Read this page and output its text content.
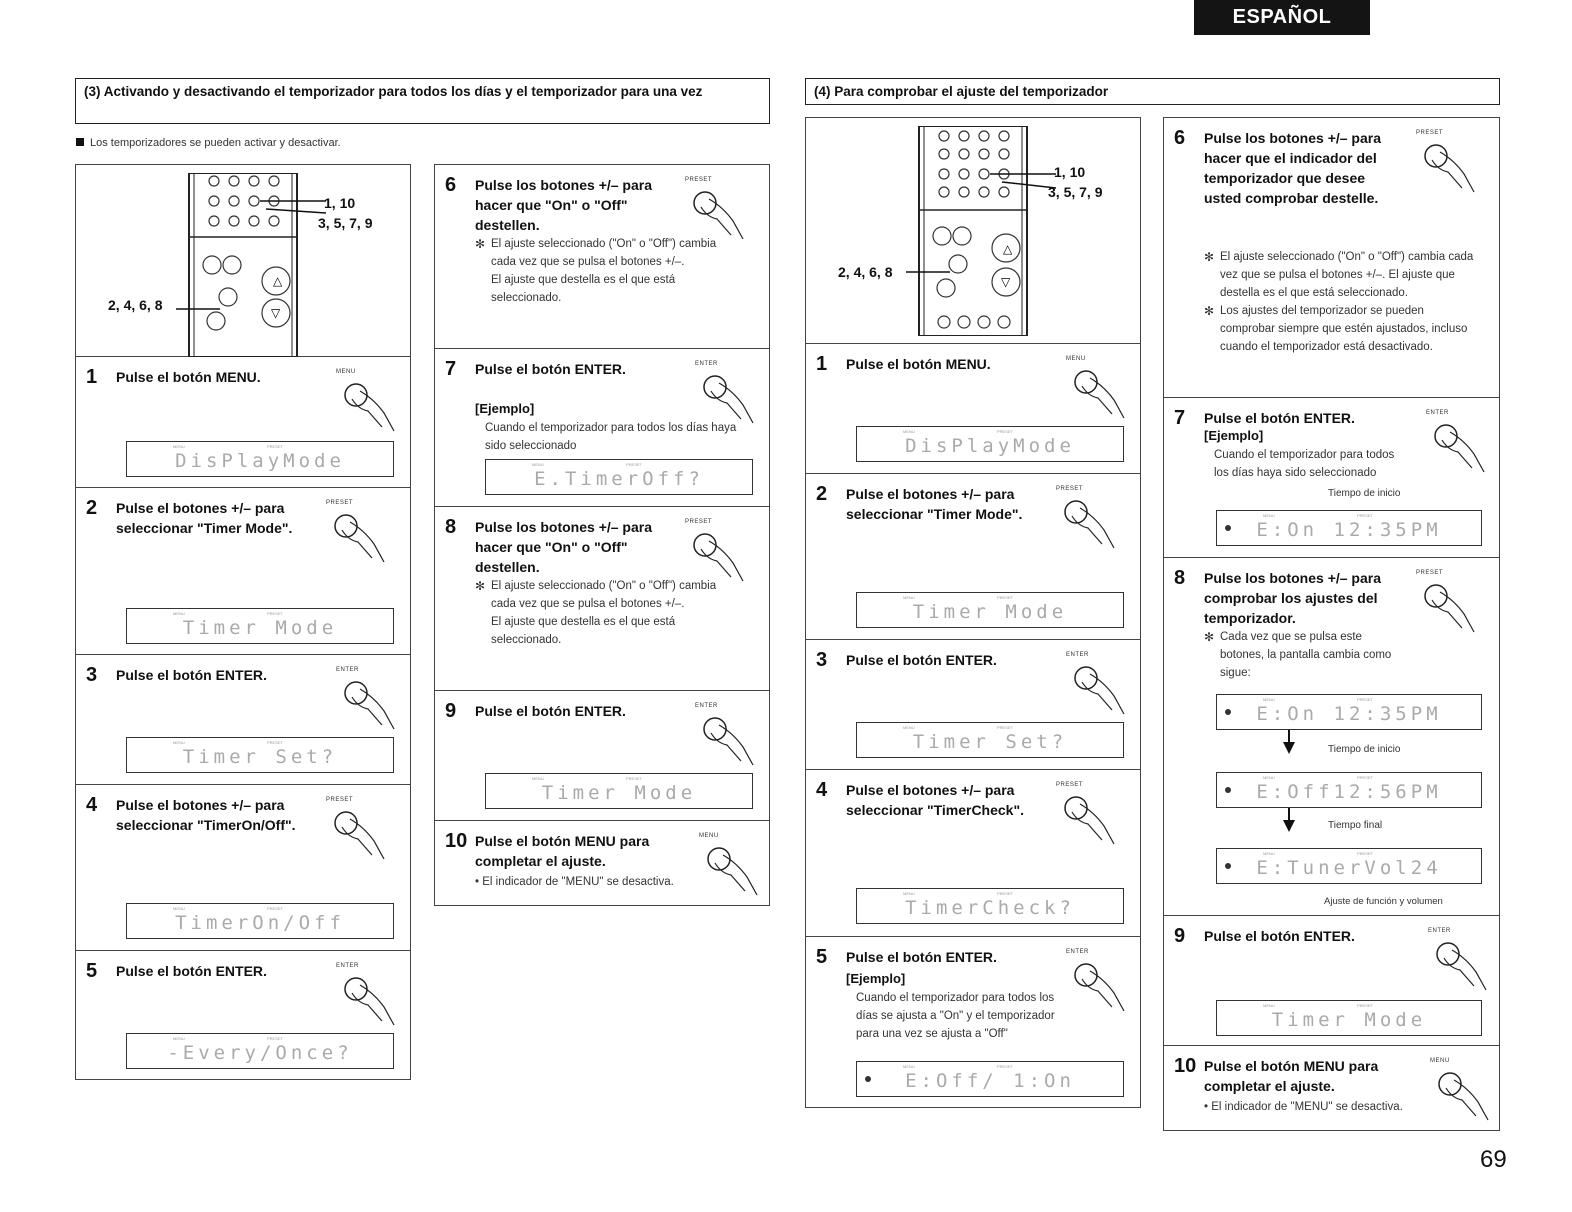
ESPAÑOL
(3) Activando y desactivando el temporizador para todos los días y el temporizador para una vez
Los temporizadores se pueden activar y desactivar.
(4) Para comprobar el ajuste del temporizador
△
▽
1, 10
3, 5, 7, 9
2, 4, 6, 8
1 Pulse el botón MENU.	MENU
DisPlayMode
MENU	PRESET
2 Pulse el botones +/– para seleccionar "Timer Mode".
PRESET
Timer Mode
MENU	PRESET
3 Pulse el botón ENTER.	ENTER
Timer Set?
MENU	PRESET
4 Pulse el botones +/– para seleccionar "TimerOn/Off".
PRESET
TimerOn/Off
MENU	PRESET
5 Pulse el botón ENTER.	ENTER
-Every/Once?
MENU	PRESET
6 Pulse los botones +/– para hacer que "On" o "Off" destellen.
PRESET
✻ El ajuste seleccionado ("On" o "Off") cambia cada vez que se pulsa el botones +/–.
El ajuste que destella es el que está seleccionado.
7 Pulse el botón ENTER.	ENTER
[Ejemplo]
Cuando el temporizador para todos los días haya sido seleccionado
E.TimerOff?
MENU	PRESET
8 Pulse los botones +/– para hacer que "On" o "Off" destellen.
PRESET
✻ El ajuste seleccionado ("On" o "Off") cambia cada vez que se pulsa el botones +/–.
El ajuste que destella es el que está seleccionado.
9 Pulse el botón ENTER.	ENTER
Timer Mode
MENU	PRESET
10 Pulse el botón MENU para completar el ajuste.
• El indicador de "MENU" se desactiva.
MENU
△
▽
1, 10
3, 5, 7, 9
2, 4, 6, 8
1 Pulse el botón MENU.	MENU
DisPlayMode
MENU	PRESET
2 Pulse el botones +/– para seleccionar "Timer Mode".
PRESET
Timer Mode
MENU	PRESET
3 Pulse el botón ENTER.	ENTER
Timer Set?
MENU	PRESET
4 Pulse el botones +/– para seleccionar "TimerCheck".
PRESET
TimerCheck?
MENU	PRESET
5 Pulse el botón ENTER.	ENTER
[Ejemplo]
Cuando el temporizador para todos los días se ajusta a "On" y el temporizador para una vez se ajusta a "Off"
E:Off/ 1:On
MENU	PRESET
6 Pulse los botones +/– para hacer que el indicador del temporizador que desee usted comprobar destelle.
PRESET
✻ El ajuste seleccionado ("On" o "Off") cambia cada vez que se pulsa el botones +/–. El ajuste que destella es el que está seleccionado.
✻ Los ajustes del temporizador se pueden comprobar siempre que estén ajustados, incluso cuando el temporizador está desactivado.
7 Pulse el botón ENTER.	ENTER
[Ejemplo]
Cuando el temporizador para todos los días haya sido seleccionado
Tiempo de inicio
E:On 12:35PM
MENU	PRESET
8 Pulse los botones +/– para comprobar los ajustes del temporizador.
PRESET
✻ Cada vez que se pulsa este botones, la pantalla cambia como sigue:
E:On 12:35PM
MENU	PRESET
Tiempo de inicio
E:Off12:56PM
MENU	PRESET
Tiempo final
E:TunerVol24
MENU	PRESET
Ajuste de función y volumen
9 Pulse el botón ENTER.	ENTER
Timer Mode
MENU	PRESET
10 Pulse el botón MENU para completar el ajuste.
• El indicador de "MENU" se desactiva.
MENU
69
